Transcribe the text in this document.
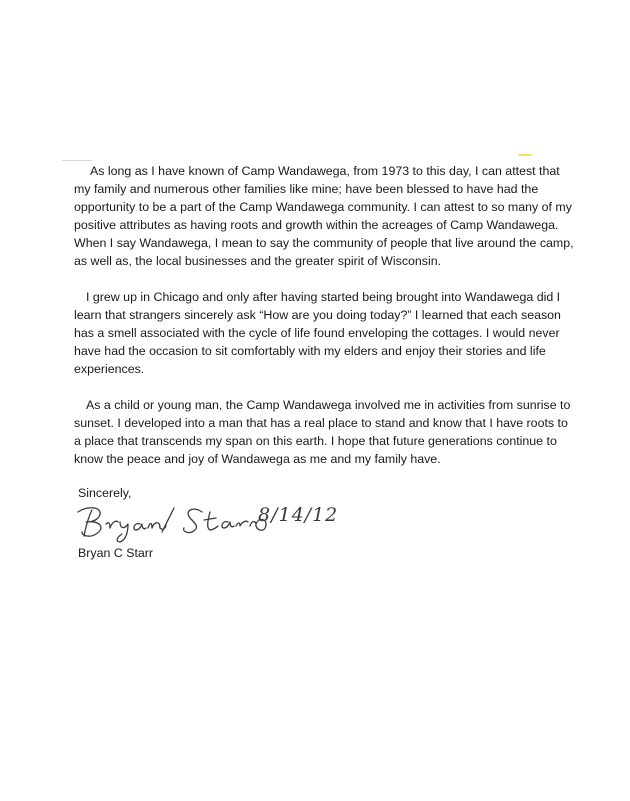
As long as I have known of Camp Wandawega, from 1973 to this day, I can attest that my family and numerous other families like mine; have been blessed to have had the opportunity to be a part of the Camp Wandawega community. I can attest to so many of my positive attributes as having roots and growth within the acreages of Camp Wandawega. When I say Wandawega, I mean to say the community of people that live around the camp, as well as, the local businesses and the greater spirit of Wisconsin.

I grew up in Chicago and only after having started being brought into Wandawega did I learn that strangers sincerely ask “How are you doing today?” I learned that each season has a smell associated with the cycle of life found enveloping the cottages. I would never have had the occasion to sit comfortably with my elders and enjoy their stories and life experiences.

As a child or young man, the Camp Wandawega involved me in activities from sunrise to sunset. I developed into a man that has a real place to stand and know that I have roots to a place that transcends my span on this earth. I hope that future generations continue to know the peace and joy of Wandawega as me and my family have.

Sincerely,
8/14/12
Bryan C Starr
